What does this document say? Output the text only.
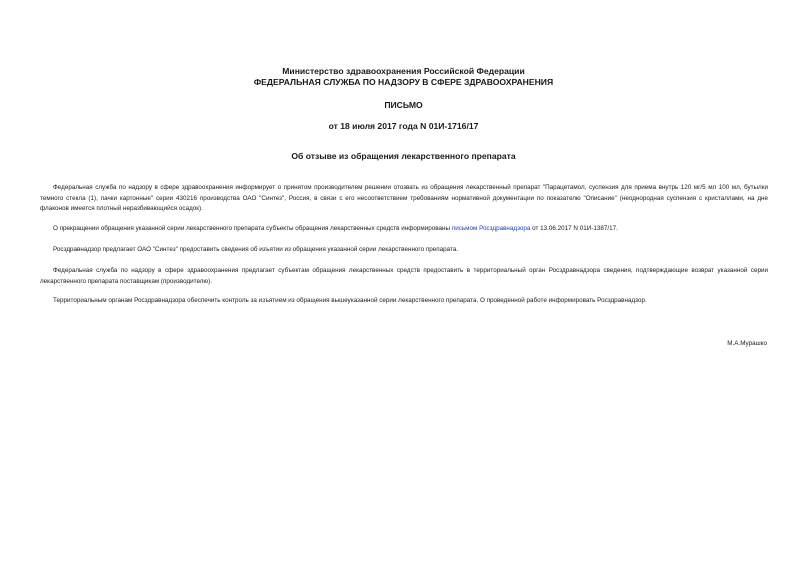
Министерство здравоохранения Российской Федерации

ФЕДЕРАЛЬНАЯ СЛУЖБА ПО НАДЗОРУ В СФЕРЕ ЗДРАВООХРАНЕНИЯ

ПИСЬМО

от 18 июля 2017 года N 01И-1716/17

Об отзыве из обращения лекарственного препарата

Федеральная служба по надзору в сфере здравоохранения информирует о принятом производителем решении отозвать из обращения лекарственный препарат "Парацетамол, суспензия для приема внутрь 120 мг/5 мл 100 мл, бутылки темного стекла (1), пачки картонные" серии 430216 производства ОАО "Синтез", Россия, в связи с его несоответствием требованиям нормативной документации по показателю "Описание" (неоднородная суспензия с кристаллами, на дне флаконов имеется плотный неразбивающийся осадок).

О прекращении обращения указанной серии лекарственного препарата субъекты обращения лекарственных средств информированы письмом Росздравнадзора от 13.06.2017 N 01И-1387/17.

Росздравнадзор предлагает ОАО "Синтез" предоставить сведения об изъятии из обращения указанной серии лекарственного препарата.

Федеральная служба по надзору в сфере здравоохранения предлагает субъектам обращения лекарственных средств предоставить в территориальный орган Росздравнадзора сведения, подтверждающие возврат указанной серии лекарственного препарата поставщикам (производителю).

Территориальным органам Росздравнадзора обеспечить контроль за изъятием из обращения вышеуказанной серии лекарственного препарата. О проведенной работе информировать Росздравнадзор.

М.А.Мурашко
